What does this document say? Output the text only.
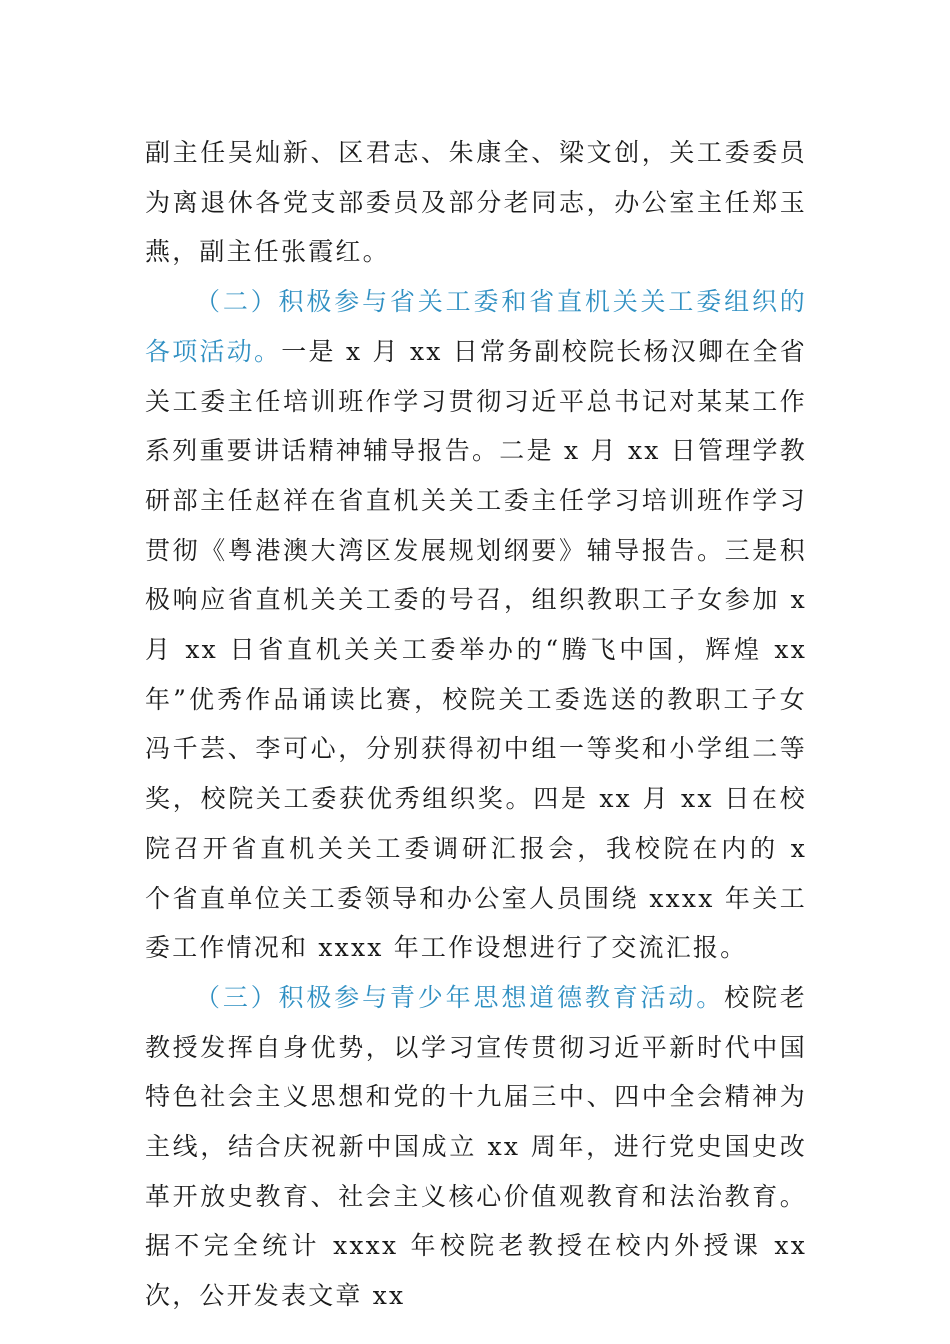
副主任吴灿新、区君志、朱康全、梁文创，关工委委员为离退休各党支部委员及部分老同志，办公室主任郑玉燕，副主任张霞红。

（二）积极参与省关工委和省直机关关工委组织的各项活动。一是 x 月 xx 日常务副校院长杨汉卿在全省关工委主任培训班作学习贯彻习近平总书记对某某工作系列重要讲话精神辅导报告。二是 x 月 xx 日管理学教研部主任赵祥在省直机关关工委主任学习培训班作学习贯彻《粤港澳大湾区发展规划纲要》辅导报告。三是积极响应省直机关关工委的号召，组织教职工子女参加 x 月 xx 日省直机关关工委举办的“腾飞中国，辉煌 xx 年”优秀作品诵读比赛，校院关工委选送的教职工子女冯千芸、李可心，分别获得初中组一等奖和小学组二等奖，校院关工委获优秀组织奖。四是 xx 月 xx 日在校院召开省直机关关工委调研汇报会，我校院在内的 x 个省直单位关工委领导和办公室人员围绕 xxxx 年关工委工作情况和 xxxx 年工作设想进行了交流汇报。

（三）积极参与青少年思想道德教育活动。校院老教授发挥自身优势，以学习宣传贯彻习近平新时代中国特色社会主义思想和党的十九届三中、四中全会精神为主线，结合庆祝新中国成立 xx 周年，进行党史国史改革开放史教育、社会主义核心价值观教育和法治教育。据不完全统计 xxxx 年校院老教授在校内外授课 xx 次，公开发表文章 xx
